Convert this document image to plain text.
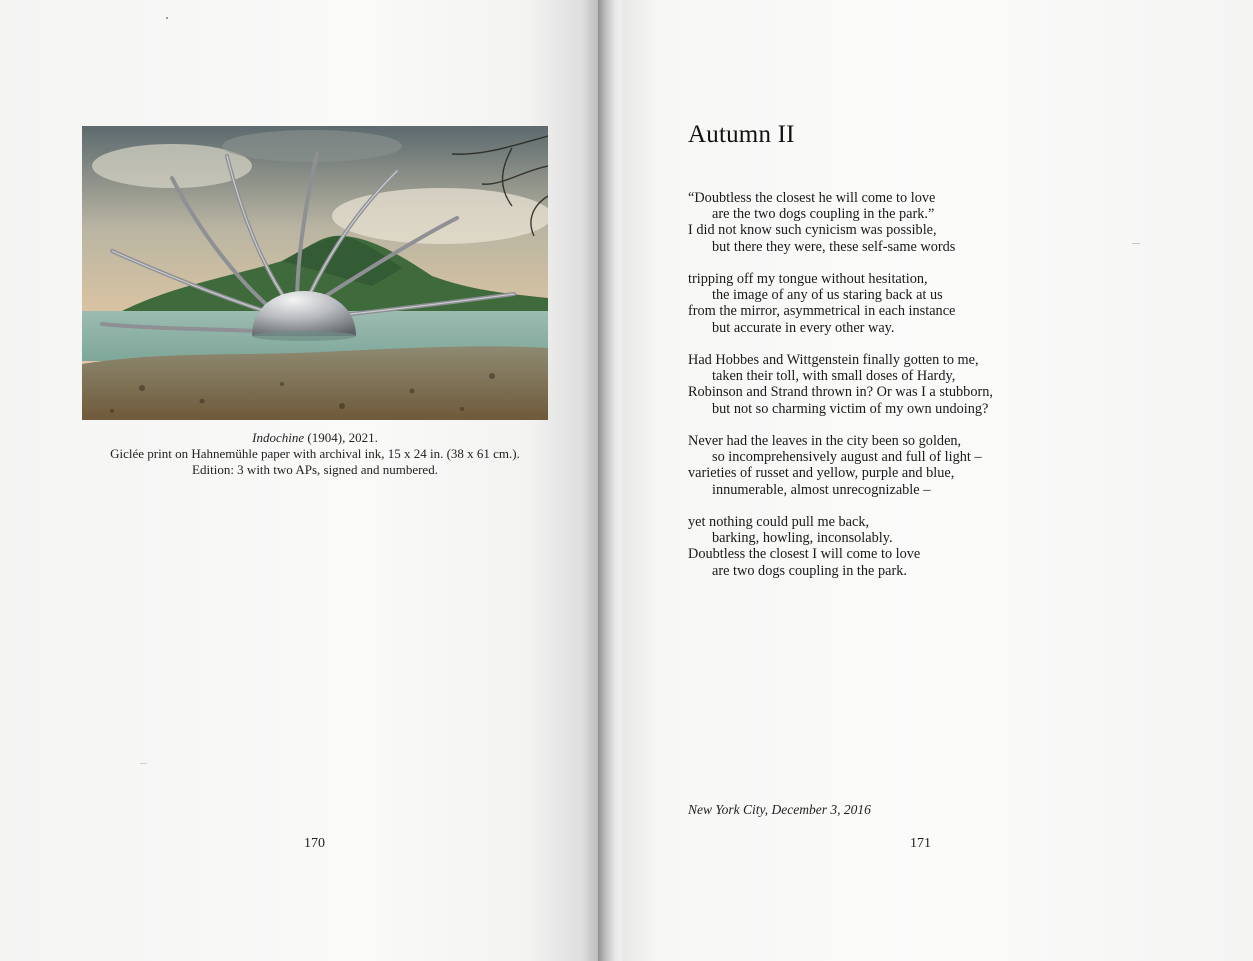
Indochine (1904), 2021.
Giclée print on Hahnemühle paper with archival ink, 15 x 24 in. (38 x 61 cm.).
Edition: 3 with two APs, signed and numbered.
170
Autumn II
“Doubtless the closest he will come to love
are the two dogs coupling in the park.”
I did not know such cynicism was possible,
but there they were, these self-same words
tripping off my tongue without hesitation,
the image of any of us staring back at us
from the mirror, asymmetrical in each instance
but accurate in every other way.
Had Hobbes and Wittgenstein finally gotten to me,
taken their toll, with small doses of Hardy,
Robinson and Strand thrown in? Or was I a stubborn,
but not so charming victim of my own undoing?
Never had the leaves in the city been so golden,
so incomprehensively august and full of light –
varieties of russet and yellow, purple and blue,
innumerable, almost unrecognizable –
yet nothing could pull me back,
barking, howling, inconsolably.
Doubtless the closest I will come to love
are two dogs coupling in the park.
New York City, December 3, 2016
171
